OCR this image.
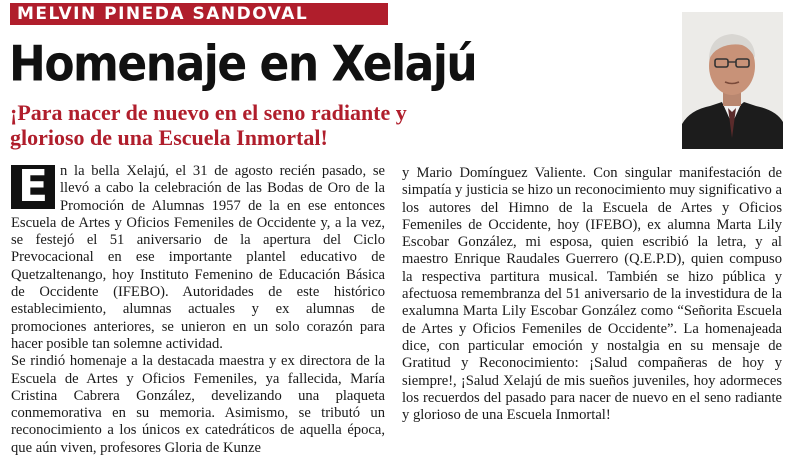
MELVIN PINEDA SANDOVAL
Homenaje en Xelajú
¡Para nacer de nuevo en el seno radiante y glorioso de una Escuela Inmortal!
E n la bella Xelajú, el 31 de agosto recién pasado, se llevó a cabo la celebración de las Bodas de Oro de la Promoción de Alumnas 1957 de la en ese entonces Escuela de Artes y Oficios Femeniles de Occidente y, a la vez, se festejó el 51 aniversario de la apertura del Ciclo Prevocacional en ese importante plantel educativo de Quetzaltenango, hoy Instituto Femenino de Educación Básica de Occidente (IFEBO). Autoridades de este histórico establecimiento, alumnas actuales y ex alumnas de promociones anteriores, se unieron en un solo corazón para hacer posible tan solemne actividad.

Se rindió homenaje a la destacada maestra y ex directora de la Escuela de Artes y Oficios Femeniles, ya fallecida, María Cristina Cabrera González, develizando una plaqueta conmemorativa en su memoria. Asimismo, se tributó un reconocimiento a los únicos ex catedráticos de aquella época, que aún viven, profesores Gloria de Kunze

y Mario Domínguez Valiente. Con singular manifestación de simpatía y justicia se hizo un reconocimiento muy significativo a los autores del Himno de la Escuela de Artes y Oficios Femeniles de Occidente, hoy (IFEBO), ex alumna Marta Lily Escobar González, mi esposa, quien escribió la letra, y al maestro Enrique Raudales Guerrero (Q.E.P.D), quien compuso la respectiva partitura musical. También se hizo pública y afectuosa remembranza del 51 aniversario de la investidura de la exalumna Marta Lily Escobar González como “Señorita Escuela de Artes y Oficios Femeniles de Occidente”. La homenajeada dice, con particular emoción y nostalgia en su mensaje de Gratitud y Reconocimiento: ¡Salud compañeras de hoy y siempre!, ¡Salud Xelajú de mis sueños juveniles, hoy adormeces los recuerdos del pasado para nacer de nuevo en el seno radiante y glorioso de una Escuela Inmortal!
